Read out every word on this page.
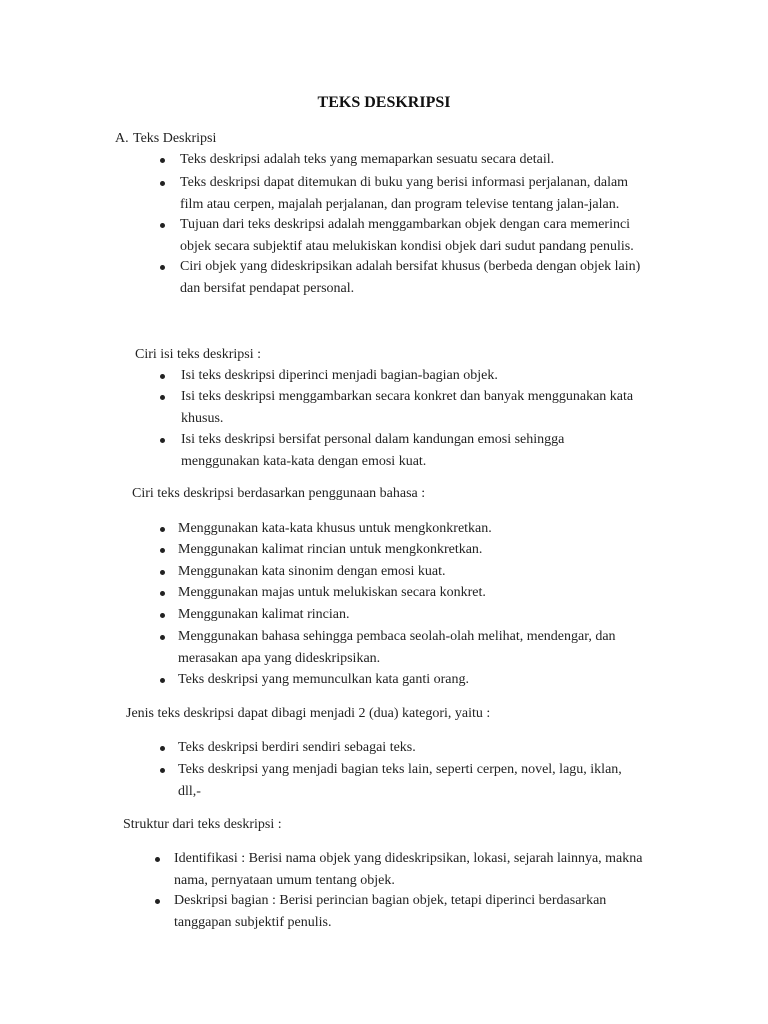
TEKS DESKRIPSI
A. Teks Deskripsi
Teks deskripsi adalah teks yang memaparkan sesuatu secara detail.
Teks deskripsi dapat ditemukan di buku yang berisi informasi perjalanan, dalam
film atau cerpen, majalah perjalanan, dan program televise tentang jalan-jalan.
Tujuan dari teks deskripsi adalah menggambarkan objek dengan cara memerinci
objek secara subjektif atau melukiskan kondisi objek dari sudut pandang penulis.
Ciri objek yang dideskripsikan adalah bersifat khusus (berbeda dengan objek lain)
dan bersifat pendapat personal.
Ciri isi teks deskripsi :
Isi teks deskripsi diperinci menjadi bagian-bagian objek.
Isi teks deskripsi menggambarkan secara konkret dan banyak menggunakan kata
khusus.
Isi teks deskripsi bersifat personal dalam kandungan emosi sehingga
menggunakan kata-kata dengan emosi kuat.
Ciri teks deskripsi berdasarkan penggunaan bahasa :
Menggunakan kata-kata khusus untuk mengkonkretkan.
Menggunakan kalimat rincian untuk mengkonkretkan.
Menggunakan kata sinonim dengan emosi kuat.
Menggunakan majas untuk melukiskan secara konkret.
Menggunakan kalimat rincian.
Menggunakan bahasa sehingga pembaca seolah-olah melihat, mendengar, dan
merasakan apa yang dideskripsikan.
Teks deskripsi yang memunculkan kata ganti orang.
Jenis teks deskripsi dapat dibagi menjadi 2 (dua) kategori, yaitu :
Teks deskripsi berdiri sendiri sebagai teks.
Teks deskripsi yang menjadi bagian teks lain, seperti cerpen, novel, lagu, iklan,
dll,-
Struktur dari teks deskripsi :
Identifikasi : Berisi nama objek yang dideskripsikan, lokasi, sejarah lainnya, makna
nama, pernyataan umum tentang objek.
Deskripsi bagian : Berisi perincian bagian objek, tetapi diperinci berdasarkan
tanggapan subjektif penulis.
